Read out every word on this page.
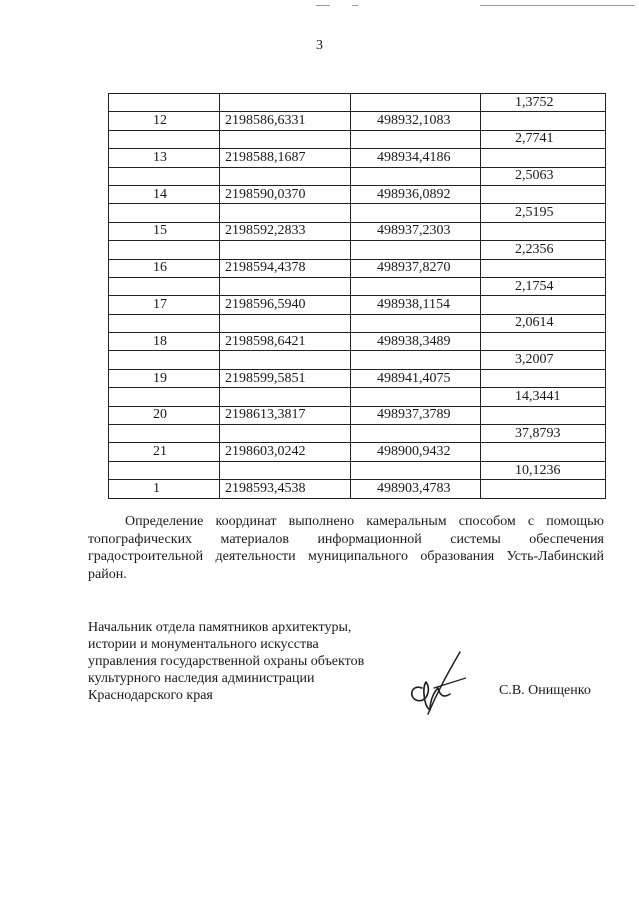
3
			1,3752
12	2198586,6331	498932,1083	
			2,7741
13	2198588,1687	498934,4186	
			2,5063
14	2198590,0370	498936,0892	
			2,5195
15	2198592,2833	498937,2303	
			2,2356
16	2198594,4378	498937,8270	
			2,1754
17	2198596,5940	498938,1154	
			2,0614
18	2198598,6421	498938,3489	
			3,2007
19	2198599,5851	498941,4075	
			14,3441
20	2198613,3817	498937,3789	
			37,8793
21	2198603,0242	498900,9432	
			10,1236
1	2198593,4538	498903,4783	
Определение координат выполнено камеральным способом с помощью топографических материалов информационной системы обеспечения градостроительной деятельности муниципального образования Усть-Лабинский район.
Начальник отдела памятников архитектуры,
истории и монументального искусства
управления государственной охраны объектов
культурного наследия администрации
Краснодарского края	С.В. Онищенко
